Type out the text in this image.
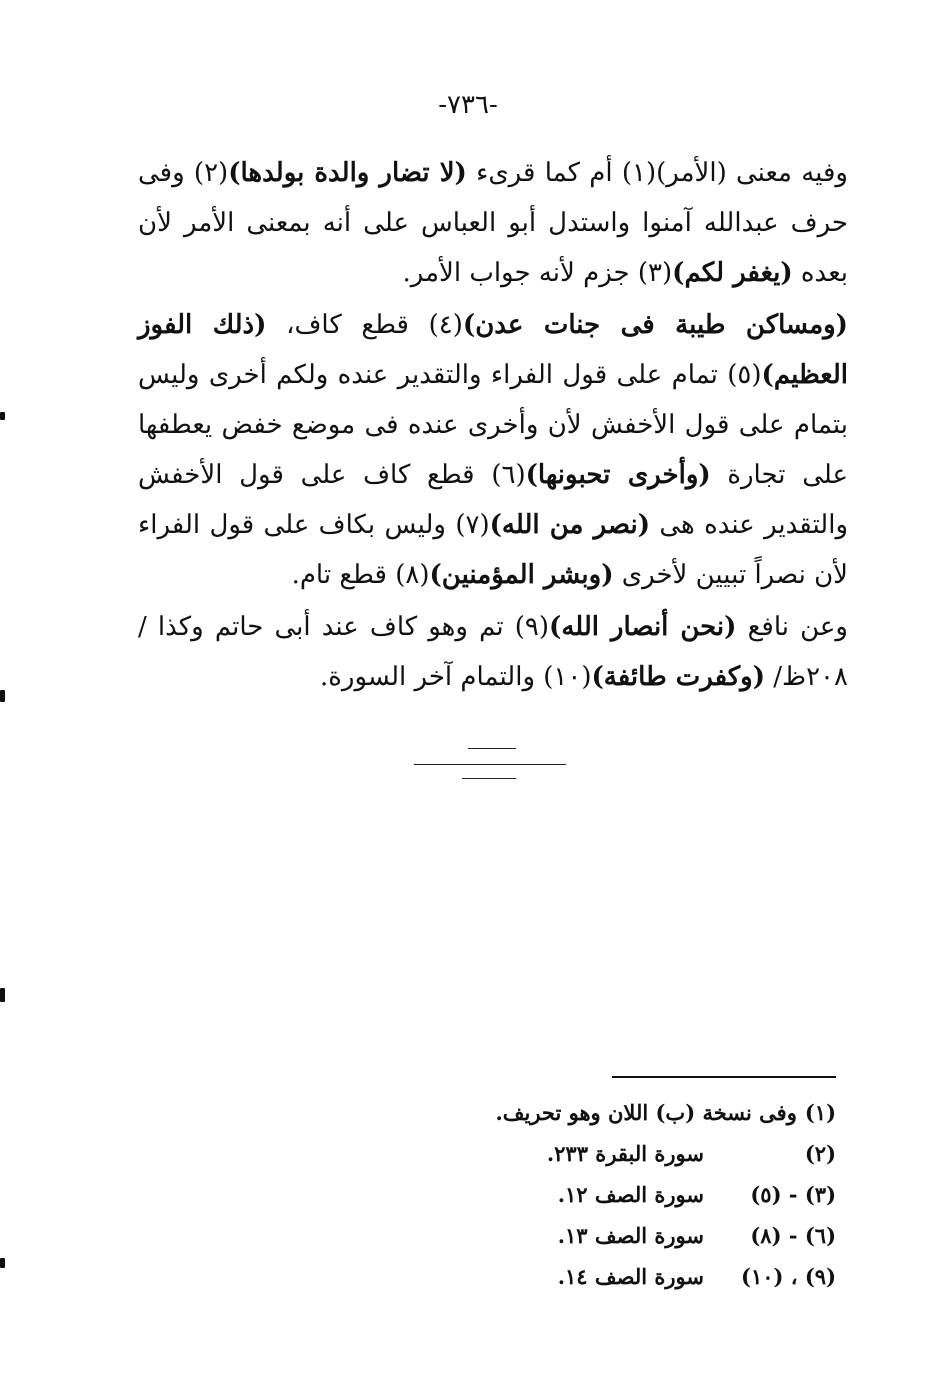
-٧٣٦-

وفيه معنى (الأمر)(١) أم كما قرىء (لا تضار والدة بولدها)(٢) وفى حرف عبدالله آمنوا واستدل أبو العباس على أنه بمعنى الأمر لأن بعده (يغفر لكم)(٣) جزم لأنه جواب الأمر.

(ومساكن طيبة فى جنات عدن)(٤) قطع كاف، (ذلك الفوز العظيم)(٥) تمام على قول الفراء والتقدير عنده ولكم أخرى وليس بتمام على قول الأخفش لأن وأخرى عنده فى موضع خفض يعطفها على تجارة (وأخرى تحبونها)(٦) قطع كاف على قول الأخفش والتقدير عنده هى (نصر من الله)(٧) وليس بكاف على قول الفراء لأن نصراً تبيين لأخرى (وبشر المؤمنين)(٨) قطع تام.

وعن نافع (نحن أنصار الله)(٩) تم وهو كاف عند أبى حاتم وكذا /٢٠٨ظ/ (وكفرت طائفة)(١٠) والتمام آخر السورة.

(١)
وفى نسخة (ب) اللان وهو تحريف.
(٢)
سورة البقرة ٢٣٣.
(٣) - (٥)
سورة الصف ١٢.
(٦) - (٨)
سورة الصف ١٣.
(٩) ، (١٠)
سورة الصف ١٤.
